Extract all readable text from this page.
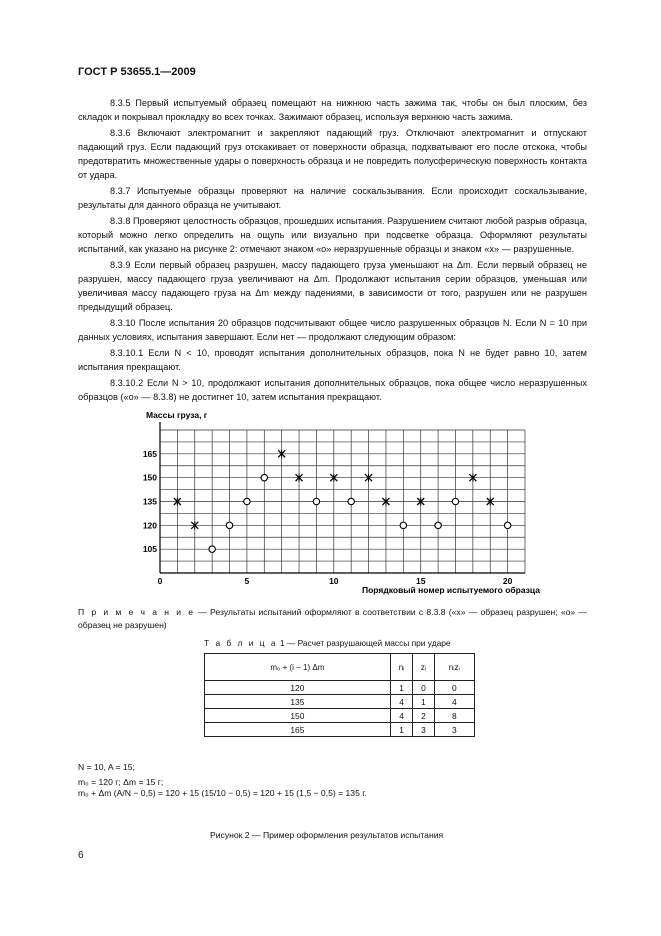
ГОСТ Р 53655.1—2009

8.3.5 Первый испытуемый образец помещают на нижнюю часть зажима так, чтобы он был плоским, без складок и покрывал прокладку во всех точках. Зажимают образец, используя верхнюю часть зажима.

8.3.6 Включают электромагнит и закрепляют падающий груз. Отключают электромагнит и отпускают падающий груз. Если падающий груз отскакивает от поверхности образца, подхватывают его после отскока, чтобы предотвратить множественные удары о поверхность образца и не повредить полусферическую поверхность контакта от удара.

8.3.7 Испытуемые образцы проверяют на наличие соскальзывания. Если происходит соскальзывание, результаты для данного образца не учитывают.

8.3.8 Проверяют целостность образцов, прошедших испытания. Разрушением считают любой разрыв образца, который можно легко определить на ощупь или визуально при подсветке образца. Оформляют результаты испытаний, как указано на рисунке 2: отмечают знаком «о» неразрушенные образцы и знаком «х» — разрушенные.

8.3.9 Если первый образец разрушен, массу падающего груза уменьшают на Δm. Если первый образец не разрушен, массу падающего груза увеличивают на Δm. Продолжают испытания серии образцов, уменьшая или увеличивая массу падающего груза на Δm между падениями, в зависимости от того, разрушен или не разрушен предыдущий образец.

8.3.10 После испытания 20 образцов подсчитывают общее число разрушенных образцов N. Если N = 10 при данных условиях, испытания завершают. Если нет — продолжают следующим образом:

8.3.10.1 Если N < 10, проводят испытания дополнительных образцов, пока N не будет равно 10, затем испытания прекращают.

8.3.10.2 Если N > 10, продолжают испытания дополнительных образцов, пока общее число неразрушенных образцов («о» — 8.3.8) не достигнет 10, затем испытания прекращают.

0	5	10	15	20
165
150
135
120
105
Массы груза, г
Порядковый номер испытуемого образца
П р и м е ч а н и е — Результаты испытаний оформляют в соответствии с 8.3.8 («х» — образец разрушен; «о» — образец не разрушен)
Т а б л и ц а 1 — Расчет разрушающей массы при ударе
m₀ + (i − 1) Δm	nᵢ	zᵢ	nᵢzᵢ
120	1	0	0
135	4	1	4
150	4	2	8
165	1	3	3
N = 10, A = 15;
m₀ = 120 г; Δm = 15 г;
m₀ + Δm (A/N − 0,5) = 120 + 15 (15/10 − 0,5) = 120 + 15 (1,5 − 0,5) = 135 г.
Рисунок 2 — Пример оформления результатов испытания
6
